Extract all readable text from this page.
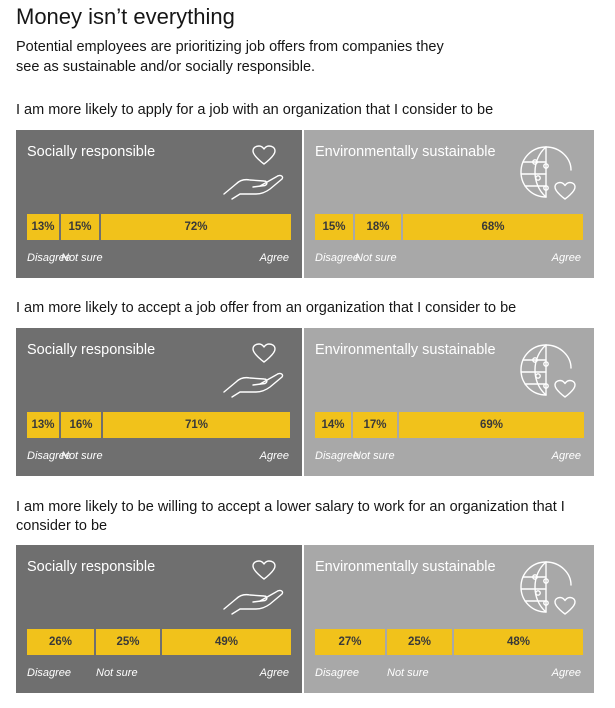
Money isn’t everything
Potential employees are prioritizing job offers from companies they see as sustainable and/or socially responsible.
I am more likely to apply for a job with an organization that I consider to be
I am more likely to accept a job offer from an organization that I consider to be
I am more likely to be willing to accept a lower salary to work for an organization that I consider to be
Socially responsible
13%	15%	72%
Disagree
Not sure	Agree
Environmentally sustainable
15%	18%	68%
Disagree
Not sure	Agree
Socially responsible
13%	16%	71%
Disagree
Not sure	Agree
Environmentally sustainable
14%	17%	69%
Disagree
Not sure	Agree
Socially responsible
26%	25%	49%
Disagree Not sure	Agree
Environmentally sustainable
27%	25%	48%
Disagree	Not sure	Agree
